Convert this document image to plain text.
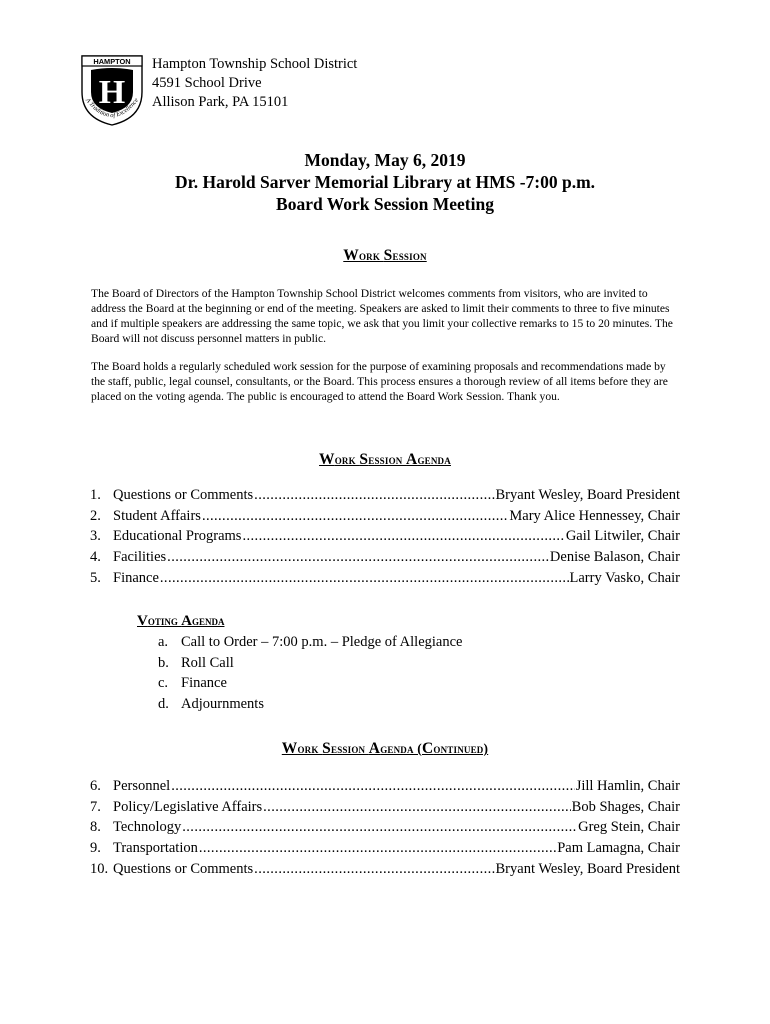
HAMPTON
H
A Tradition of Excellence
Hampton Township School District
4591 School Drive
Allison Park, PA 15101
Monday, May 6, 2019
Dr. Harold Sarver Memorial Library at HMS -7:00 p.m.
Board Work Session Meeting
Work Session
The Board of Directors of the Hampton Township School District welcomes comments from visitors, who are invited to address the Board at the beginning or end of the meeting. Speakers are asked to limit their comments to three to five minutes and if multiple speakers are addressing the same topic, we ask that you limit your collective remarks to 15 to 20 minutes. The Board will not discuss personnel matters in public.
The Board holds a regularly scheduled work session for the purpose of examining proposals and recommendations made by the staff, public, legal counsel, consultants, or the Board. This process ensures a thorough review of all items before they are placed on the voting agenda. The public is encouraged to attend the Board Work Session. Thank you.
Work Session Agenda
1. Questions or Comments .....	Bryant Wesley, Board President
2. Student Affairs .....	Mary Alice Hennessey, Chair
3. Educational Programs .....	Gail Litwiler, Chair
4. Facilities .....	Denise Balason, Chair
5. Finance .....	Larry Vasko, Chair
Voting Agenda
a. Call to Order – 7:00 p.m. – Pledge of Allegiance
b. Roll Call
c. Finance
d. Adjournments
Work Session Agenda (Continued)
6. Personnel .....	Jill Hamlin, Chair
7. Policy/Legislative Affairs .....	Bob Shages, Chair
8. Technology .....	Greg Stein, Chair
9. Transportation .....	Pam Lamagna, Chair
10. Questions or Comments .....	Bryant Wesley, Board President
